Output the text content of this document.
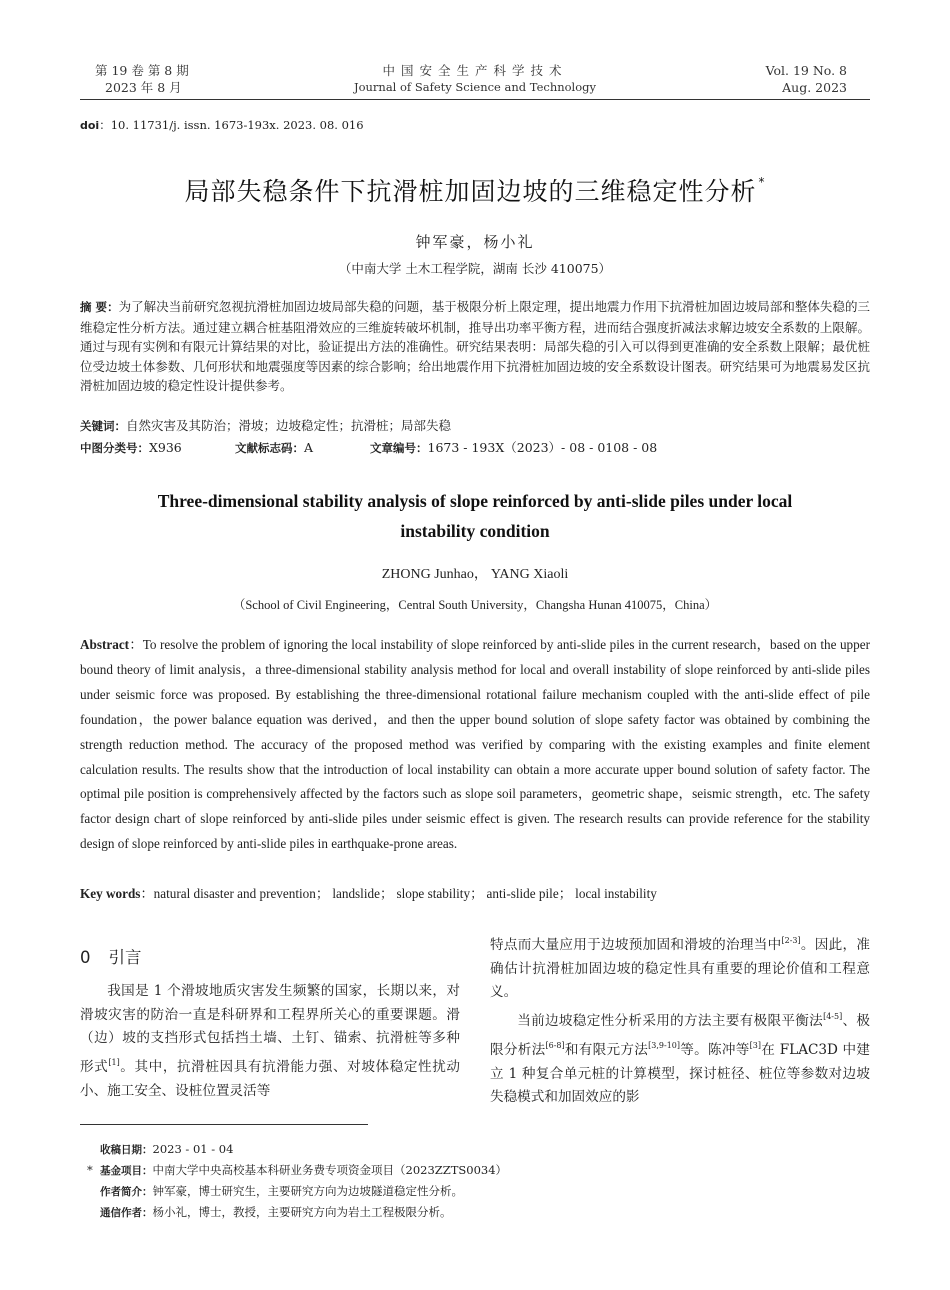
第 19 卷 第 8 期
2023 年 8 月
中国安全生产科学技术
Journal of Safety Science and Technology
Vol. 19 No. 8
Aug. 2023
doi：10. 11731/j. issn. 1673-193x. 2023. 08. 016
局部失稳条件下抗滑桩加固边坡的三维稳定性分析 *
钟军豪，杨小礼
（中南大学 土木工程学院，湖南 长沙 410075）
摘 要：为了解决当前研究忽视抗滑桩加固边坡局部失稳的问题，基于极限分析上限定理，提出地震力作用下抗滑桩加固边坡局部和整体失稳的三维稳定性分析方法。通过建立耦合桩基阻滑效应的三维旋转破坏机制，推导出功率平衡方程，进而结合强度折减法求解边坡安全系数的上限解。通过与现有实例和有限元计算结果的对比，验证提出方法的准确性。研究结果表明：局部失稳的引入可以得到更准确的安全系数上限解；最优桩位受边坡土体参数、几何形状和地震强度等因素的综合影响；给出地震作用下抗滑桩加固边坡的安全系数设计图表。研究结果可为地震易发区抗滑桩加固边坡的稳定性设计提供参考。
关键词：自然灾害及其防治；滑坡；边坡稳定性；抗滑桩；局部失稳
中图分类号：X936	文献标志码：A	文章编号：1673 - 193X（2023）- 08 - 0108 - 08
Three-dimensional stability analysis of slope reinforced by anti-slide piles under local instability condition
ZHONG Junhao， YANG Xiaoli
（School of Civil Engineering，Central South University，Changsha Hunan 410075，China）
Abstract：To resolve the problem of ignoring the local instability of slope reinforced by anti-slide piles in the current research，based on the upper bound theory of limit analysis，a three-dimensional stability analysis method for local and overall instability of slope reinforced by anti-slide piles under seismic force was proposed. By establishing the three-dimensional rotational failure mechanism coupled with the anti-slide effect of pile foundation，the power balance equation was derived，and then the upper bound solution of slope safety factor was obtained by combining the strength reduction method. The accuracy of the proposed method was verified by comparing with the existing examples and finite element calculation results. The results show that the introduction of local instability can obtain a more accurate upper bound solution of safety factor. The optimal pile position is comprehensively affected by the factors such as slope soil parameters，geometric shape，seismic strength，etc. The safety factor design chart of slope reinforced by anti-slide piles under seismic effect is given. The research results can provide reference for the stability design of slope reinforced by anti-slide piles in earthquake-prone areas.
Key words：natural disaster and prevention； landslide； slope stability； anti-slide pile； local instability
0 引言

我国是 1 个滑坡地质灾害发生频繁的国家，长期以来，对滑坡灾害的防治一直是科研界和工程界所关心的重要课题。滑（边）坡的支挡形式包括挡土墙、土钉、锚索、抗滑桩等多种形式[1]。其中，抗滑桩因具有抗滑能力强、对坡体稳定性扰动小、施工安全、设桩位置灵活等

特点而大量应用于边坡预加固和滑坡的治理当中[2-3]。因此，准确估计抗滑桩加固边坡的稳定性具有重要的理论价值和工程意义。

当前边坡稳定性分析采用的方法主要有极限平衡法[4-5]、极限分析法[6-8]和有限元方法[3,9-10]等。陈冲等[3]在 FLAC3D 中建立 1 种复合单元桩的计算模型，探讨桩径、桩位等参数对边坡失稳模式和加固效应的影

收稿日期：2023 - 01 - 04
* 基金项目：中南大学中央高校基本科研业务费专项资金项目（2023ZZTS0034）
作者简介：钟军豪，博士研究生，主要研究方向为边坡隧道稳定性分析。
通信作者：杨小礼，博士，教授，主要研究方向为岩土工程极限分析。
